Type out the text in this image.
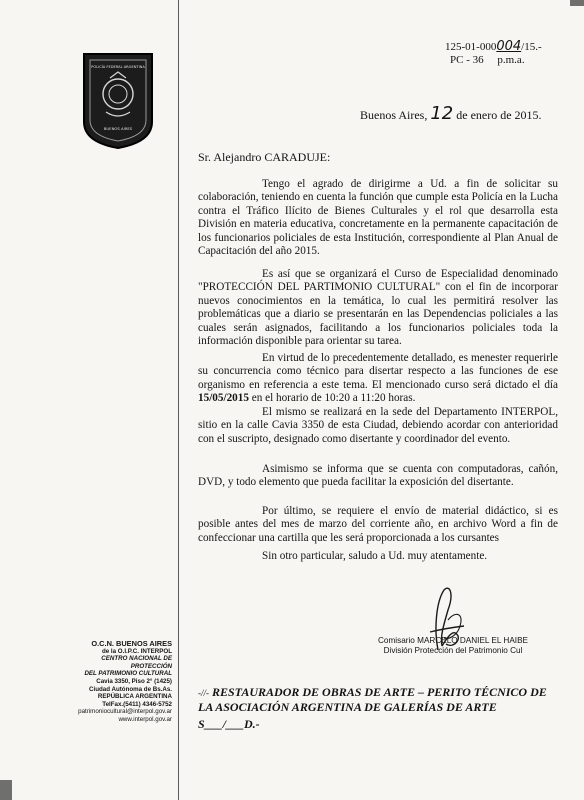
POLICÍA FEDERAL ARGENTINA
BUENOS AIRES
125-01-000004/15.-
PC - 36 p.m.a.
Buenos Aires, 12 de enero de 2015.
Sr. Alejandro CARADUJE:
Tengo el agrado de dirigirme a Ud. a fin de solicitar su colaboración, teniendo en cuenta la función que cumple esta Policía en la Lucha contra el Tráfico Ilícito de Bienes Culturales y el rol que desarrolla esta División en materia educativa, concretamente en la permanente capacitación de los funcionarios policiales de esta Institución, correspondiente al Plan Anual de Capacitación del año 2015.
Es así que se organizará el Curso de Especialidad denominado "PROTECCIÓN DEL PARTIMONIO CULTURAL" con el fin de incorporar nuevos conocimientos en la temática, lo cual les permitirá resolver las problemáticas que a diario se presentarán en las Dependencias policiales a las cuales serán asignados, facilitando a los funcionarios policiales toda la información disponible para orientar su tarea.
En virtud de lo precedentemente detallado, es menester requerirle su concurrencia como técnico para disertar respecto a las funciones de ese organismo en referencia a este tema. El mencionado curso será dictado el día 15/05/2015 en el horario de 10:20 a 11:20 horas.
El mismo se realizará en la sede del Departamento INTERPOL, sitio en la calle Cavia 3350 de esta Ciudad, debiendo acordar con anterioridad con el suscripto, designado como disertante y coordinador del evento.
Asimismo se informa que se cuenta con computadoras, cañón, DVD, y todo elemento que pueda facilitar la exposición del disertante.
Por último, se requiere el envío de material didáctico, si es posible antes del mes de marzo del corriente año, en archivo Word a fin de confeccionar una cartilla que les será proporcionada a los cursantes
Sin otro particular, saludo a Ud. muy atentamente.
Comisario MARCELO DANIEL EL HAIBE
División Protección del Patrimonio Cul
O.C.N. BUENOS AIRES
de la O.I.P.C. INTERPOL
CENTRO NACIONAL DE PROTECCIÓN
DEL PATRIMONIO CULTURAL
Cavia 3350, Piso 2° (1425)
Ciudad Autónoma de Bs.As.
REPÚBLICA ARGENTINA
TelFax.(5411) 4346-5752
patrimoniocultural@interpol.gov.ar
www.interpol.gov.ar
-//- RESTAURADOR DE OBRAS DE ARTE – PERITO TÉCNICO DE LA ASOCIACIÓN ARGENTINA DE GALERÍAS DE ARTE
S___/___D.-
